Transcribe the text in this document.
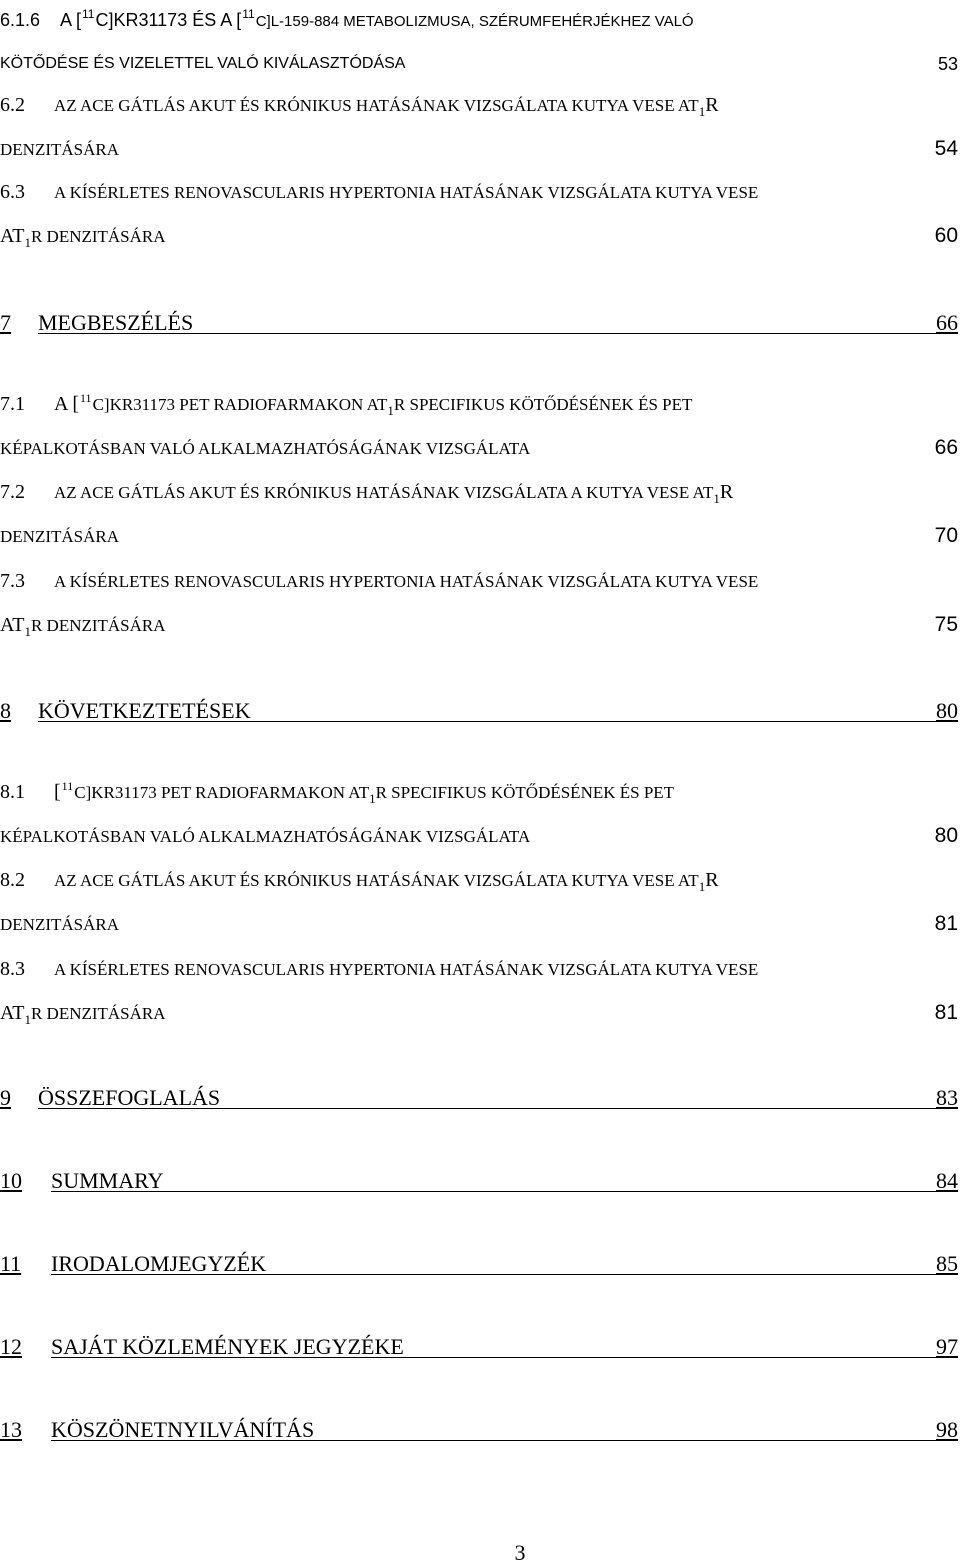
6.1.6 A [$^{11}$C]KR31173 ÉS A [$^{11}$C]L-159-884 METABOLIZMUSA, SZÉRUMFEHÉRJÉKHEZ VALÓ
KÖTŐDÉSE ÉS VIZELETTEL VALÓ KIVÁLASZTÓDÁSA	53
6.2 AZ ACE GÁTLÁS AKUT ÉS KRÓNIKUS HATÁSÁNAK VIZSGÁLATA KUTYA VESE $AT_1R$
DENZITÁSÁRA	54
6.3 A KÍSÉRLETES RENOVASCULARIS HYPERTONIA HATÁSÁNAK VIZSGÁLATA KUTYA VESE
$AT_1R$ DENZITÁSÁRA	60
7 MEGBESZÉLÉS	66
7.1 A [$^{11}$C]KR31173 PET RADIOFARMAKON $AT_1R$ SPECIFIKUS KÖTŐDÉSÉNEK ÉS PET
KÉPALKOTÁSBAN VALÓ ALKALMAZHATÓSÁGÁNAK VIZSGÁLATA	66
7.2 AZ ACE GÁTLÁS AKUT ÉS KRÓNIKUS HATÁSÁNAK VIZSGÁLATA A KUTYA VESE $AT_1R$
DENZITÁSÁRA	70
7.3 A KÍSÉRLETES RENOVASCULARIS HYPERTONIA HATÁSÁNAK VIZSGÁLATA KUTYA VESE
$AT_1R$ DENZITÁSÁRA	75
8 KÖVETKEZTETÉSEK	80
8.1 [$^{11}$C]KR31173 PET RADIOFARMAKON $AT_1R$ SPECIFIKUS KÖTŐDÉSÉNEK ÉS PET
KÉPALKOTÁSBAN VALÓ ALKALMAZHATÓSÁGÁNAK VIZSGÁLATA	80
8.2 AZ ACE GÁTLÁS AKUT ÉS KRÓNIKUS HATÁSÁNAK VIZSGÁLATA KUTYA VESE $AT_1R$
DENZITÁSÁRA	81
8.3 A KÍSÉRLETES RENOVASCULARIS HYPERTONIA HATÁSÁNAK VIZSGÁLATA KUTYA VESE
$AT_1R$ DENZITÁSÁRA	81
9 ÖSSZEFOGLALÁS	83
10 SUMMARY	84
11 IRODALOMJEGYZÉK	85
12 SAJÁT KÖZLEMÉNYEK JEGYZÉKE	97
13 KÖSZÖNETNYILVÁNÍTÁS	98
3
